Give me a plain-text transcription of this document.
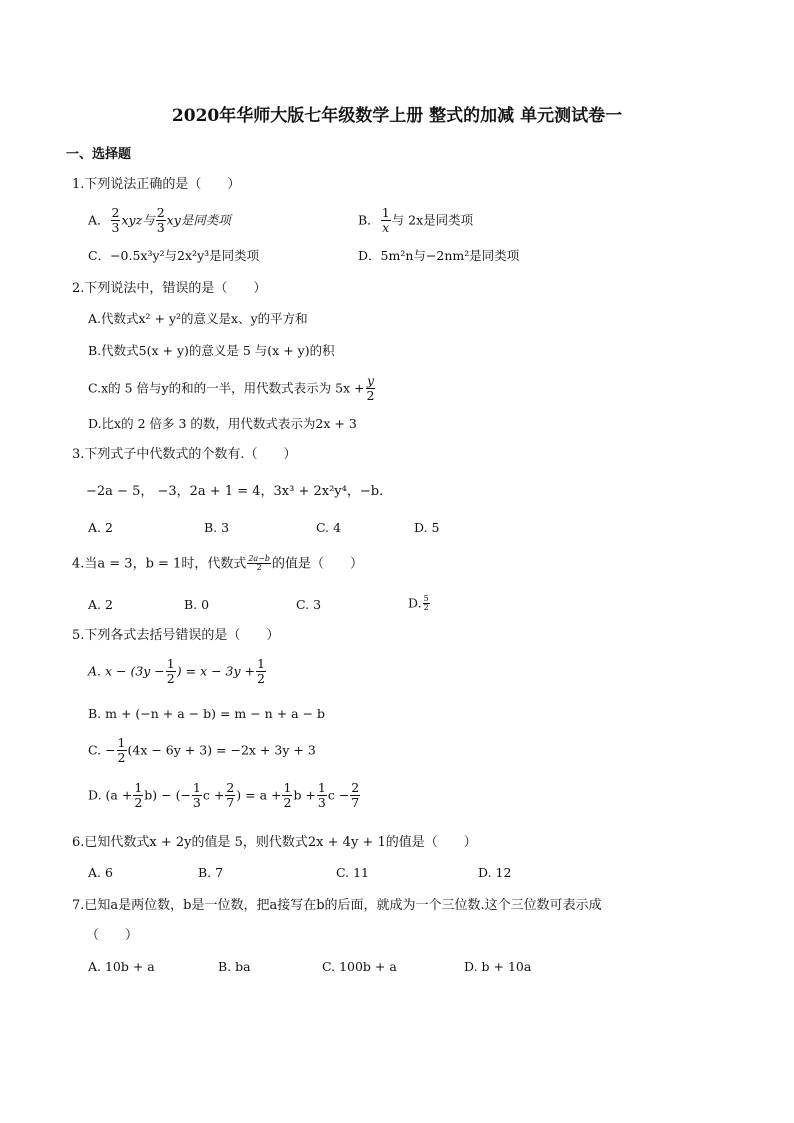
2020年华师大版七年级数学上册 整式的加减 单元测试卷一
一、选择题
1.下列说法正确的是（　　）
A． $\frac{2}{3}$ xyz与 $\frac{2}{3}$ xy是同类项	B． $\frac{1}{x}$ 与 2x是同类项
C．−0.5x³y²与2x²y³是同类项	D．5m²n与−2nm²是同类项
2.下列说法中，错误的是（　　）
A.代数式x² + y²的意义是x、y的平方和
B.代数式5(x + y)的意义是 5 与(x + y)的积
C.x的 5 倍与y的和的一半，用代数式表示为 $5x + \frac{y}{2}$
D.比x的 2 倍多 3 的数，用代数式表示为2x + 3
3.下列式子中代数式的个数有.（　　）
−2a − 5， −3，2a + 1 = 4，3x³ + 2x²y⁴，−b．
A. 2	B. 3	C. 4	D. 5
4.当a = 3，b = 1时，代数式 $\frac{2a-b}{2}$ 的值是（　　）
A. 2	B. 0	C. 3	D. $\frac{5}{2}$
5.下列各式去括号错误的是（　　）
A. $x - (3y - \frac{1}{2}$ ) = $x - 3y + \frac{1}{2}$
B. m + (−n + a − b) = m − n + a − b
C. − $\frac{1}{2} (4x - 6y + 3) = -2x + 3y + 3$
D. $(a + \frac{1}{2} b)$ − (− $\frac{1}{3}$ $c + \frac{2}{7}$ ) = $a + \frac{1}{2}$ $b + \frac{1}{3}$ $c - \frac{2}{7}$
6.已知代数式x + 2y的值是 5，则代数式2x + 4y + 1的值是（　　）
A. 6	B. 7	C. 11	D. 12
7.已知a是两位数，b是一位数，把a接写在b的后面，就成为一个三位数.这个三位数可表示成
（　　）
A. 10b + a	B. ba	C. 100b + a	D. b + 10a
